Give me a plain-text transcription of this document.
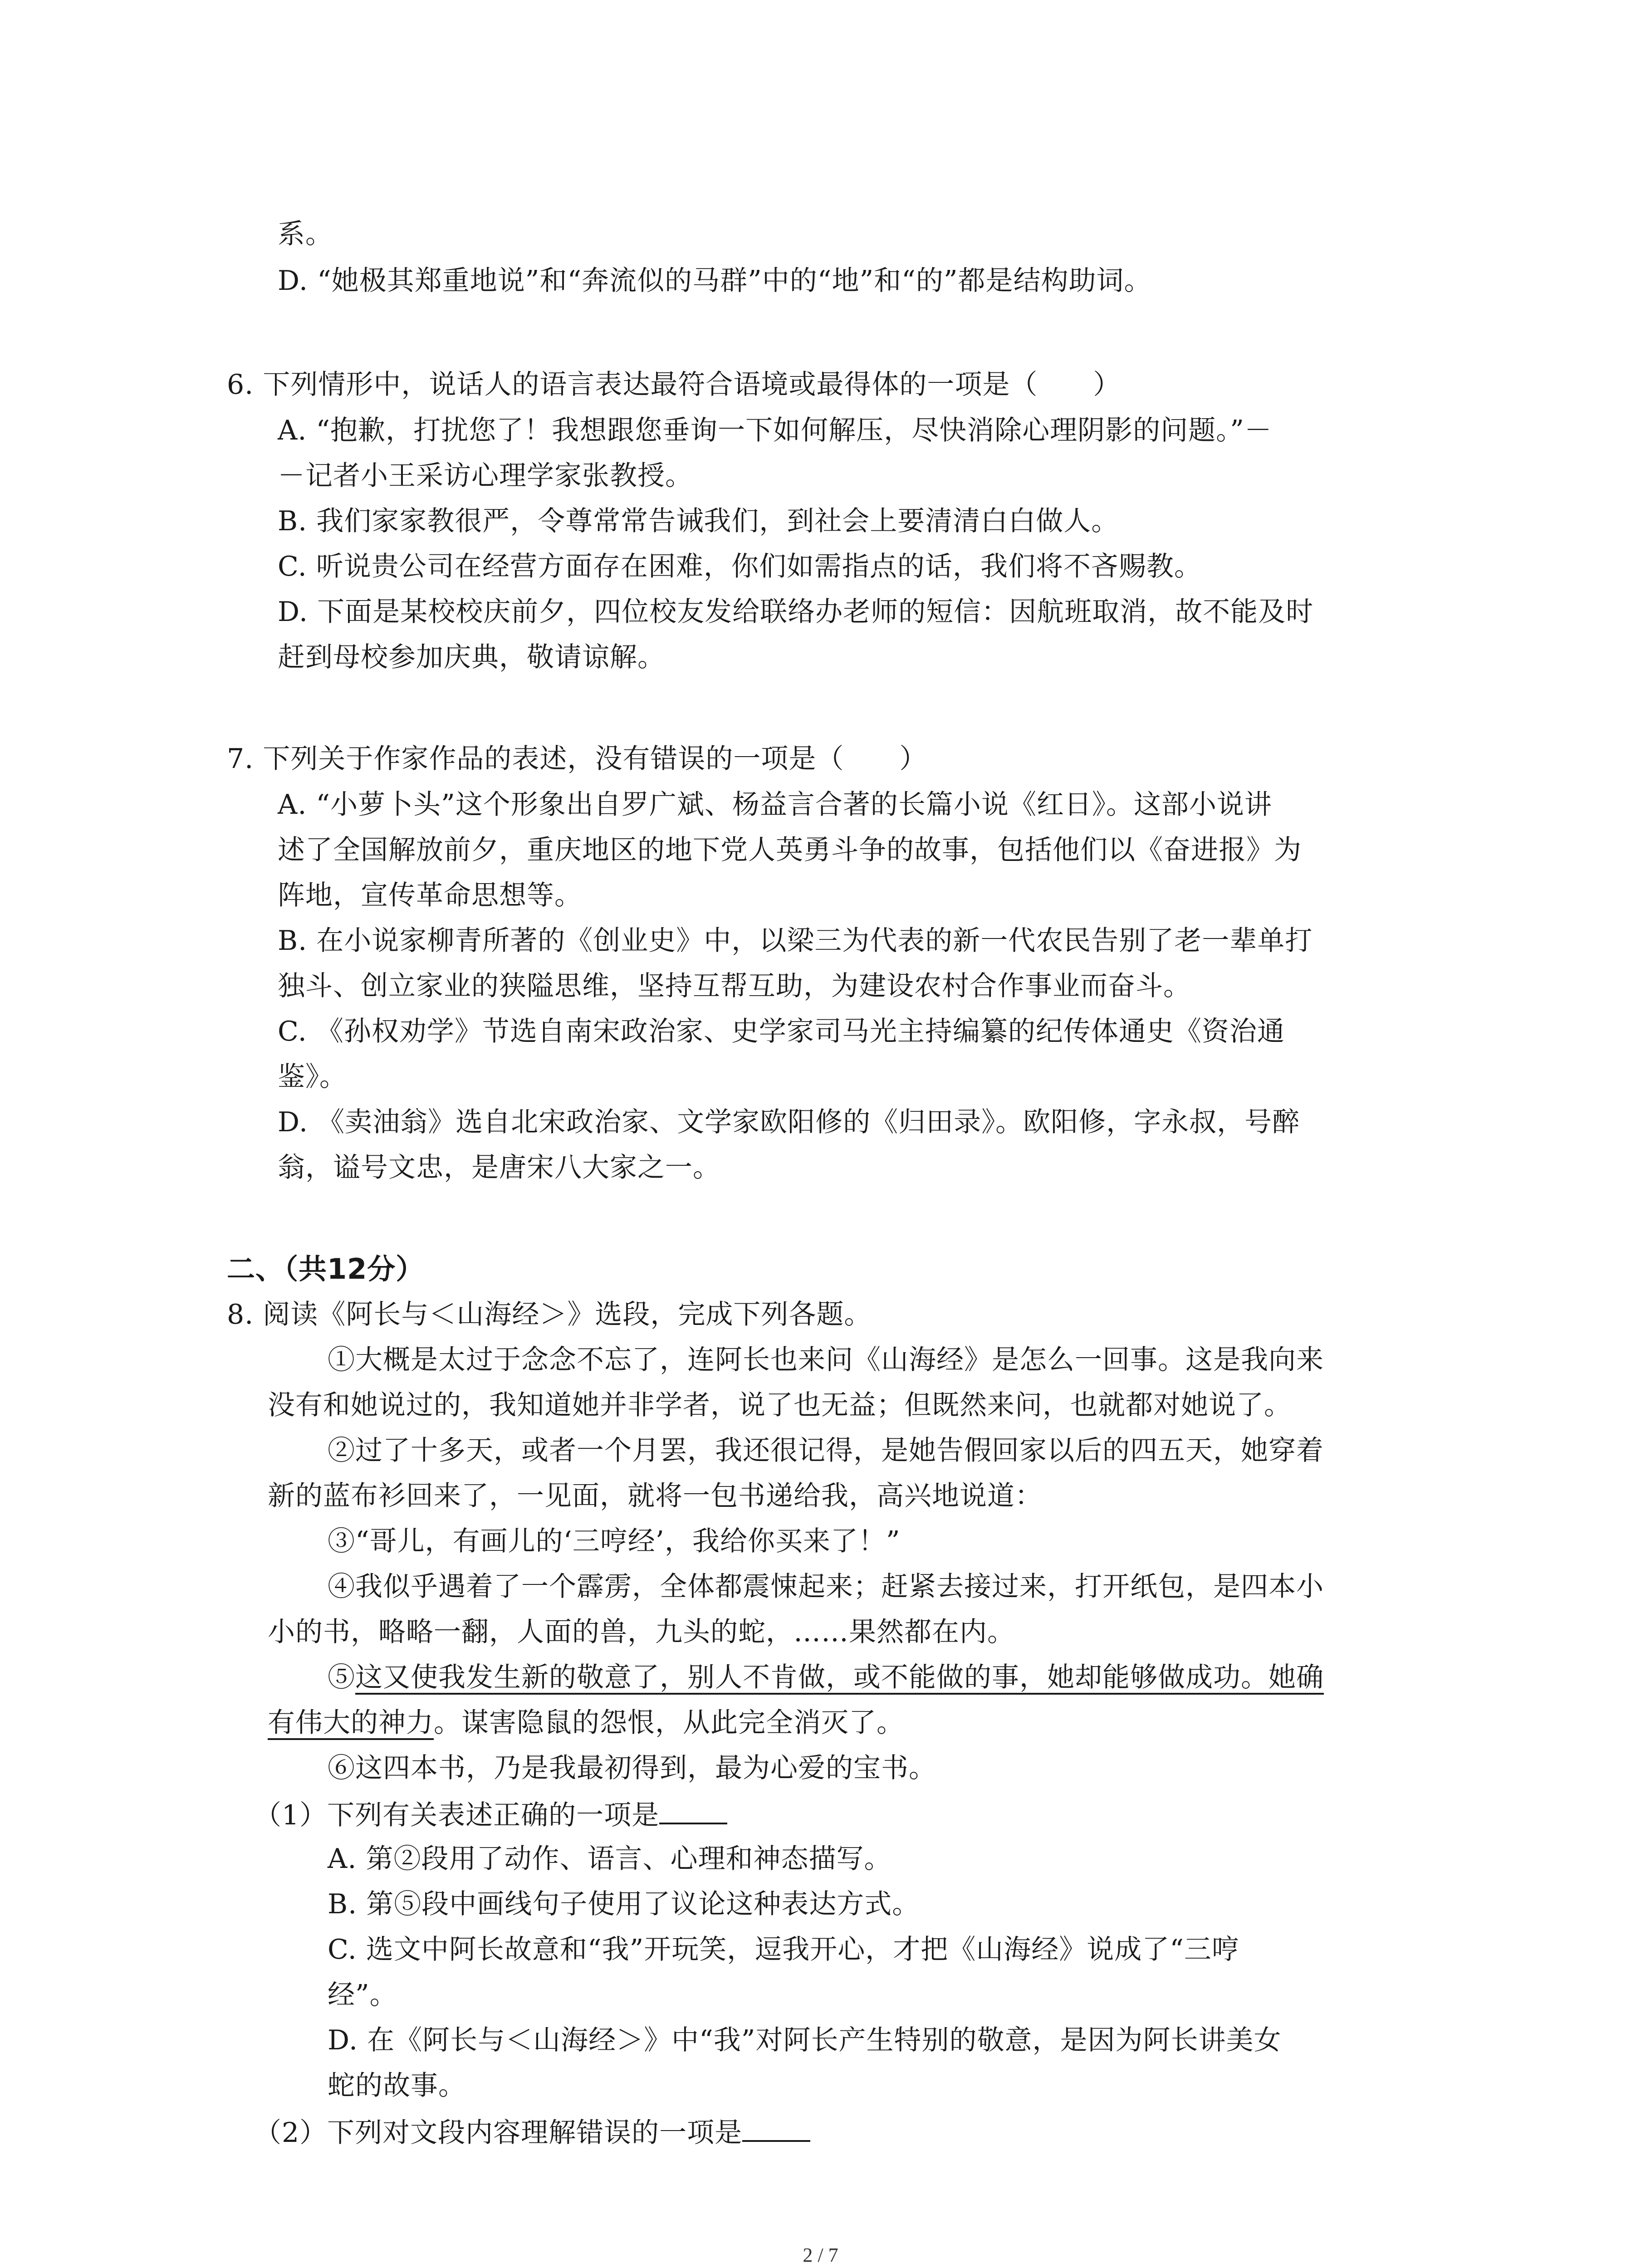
系。
D. “她极其郑重地说”和“奔流似的马群”中的“地”和“的”都是结构助词。
6. 下列情形中，说话人的语言表达最符合语境或最得体的一项是（　　）
A. “抱歉，打扰您了！我想跟您垂询一下如何解压，尽快消除心理阴影的问题。”－
－记者小王采访心理学家张教授。
B. 我们家家教很严，令尊常常告诫我们，到社会上要清清白白做人。
C. 听说贵公司在经营方面存在困难，你们如需指点的话，我们将不吝赐教。
D. 下面是某校校庆前夕，四位校友发给联络办老师的短信：因航班取消，故不能及时
赶到母校参加庆典，敬请谅解。
7. 下列关于作家作品的表述，没有错误的一项是（　　）
A. “小萝卜头”这个形象出自罗广斌、杨益言合著的长篇小说《红日》。这部小说讲
述了全国解放前夕，重庆地区的地下党人英勇斗争的故事，包括他们以《奋进报》为
阵地，宣传革命思想等。
B. 在小说家柳青所著的《创业史》中，以梁三为代表的新一代农民告别了老一辈单打
独斗、创立家业的狭隘思维，坚持互帮互助，为建设农村合作事业而奋斗。
C. 《孙权劝学》节选自南宋政治家、史学家司马光主持编纂的纪传体通史《资治通
鉴》。
D. 《卖油翁》选自北宋政治家、文学家欧阳修的《归田录》。欧阳修，字永叔，号醉
翁，谥号文忠，是唐宋八大家之一。
二、（共12分）
8. 阅读《阿长与＜山海经＞》选段，完成下列各题。
①大概是太过于念念不忘了，连阿长也来问《山海经》是怎么一回事。这是我向来
没有和她说过的，我知道她并非学者，说了也无益；但既然来问，也就都对她说了。
②过了十多天，或者一个月罢，我还很记得，是她告假回家以后的四五天，她穿着
新的蓝布衫回来了，一见面，就将一包书递给我，高兴地说道：
③“哥儿，有画儿的‘三哼经’，我给你买来了！”
④我似乎遇着了一个霹雳，全体都震悚起来；赶紧去接过来，打开纸包，是四本小
小的书，略略一翻，人面的兽，九头的蛇，……果然都在内。
⑤这又使我发生新的敬意了，别人不肯做，或不能做的事，她却能够做成功。她确
有伟大的神力。谋害隐鼠的怨恨，从此完全消灭了。
⑥这四本书，乃是我最初得到，最为心爱的宝书。
（1）下列有关表述正确的一项是
A. 第②段用了动作、语言、心理和神态描写。
B. 第⑤段中画线句子使用了议论这种表达方式。
C. 选文中阿长故意和“我”开玩笑，逗我开心，才把《山海经》说成了“三哼
经”。
D. 在《阿长与＜山海经＞》中“我”对阿长产生特别的敬意，是因为阿长讲美女
蛇的故事。
（2）下列对文段内容理解错误的一项是
2 / 7
